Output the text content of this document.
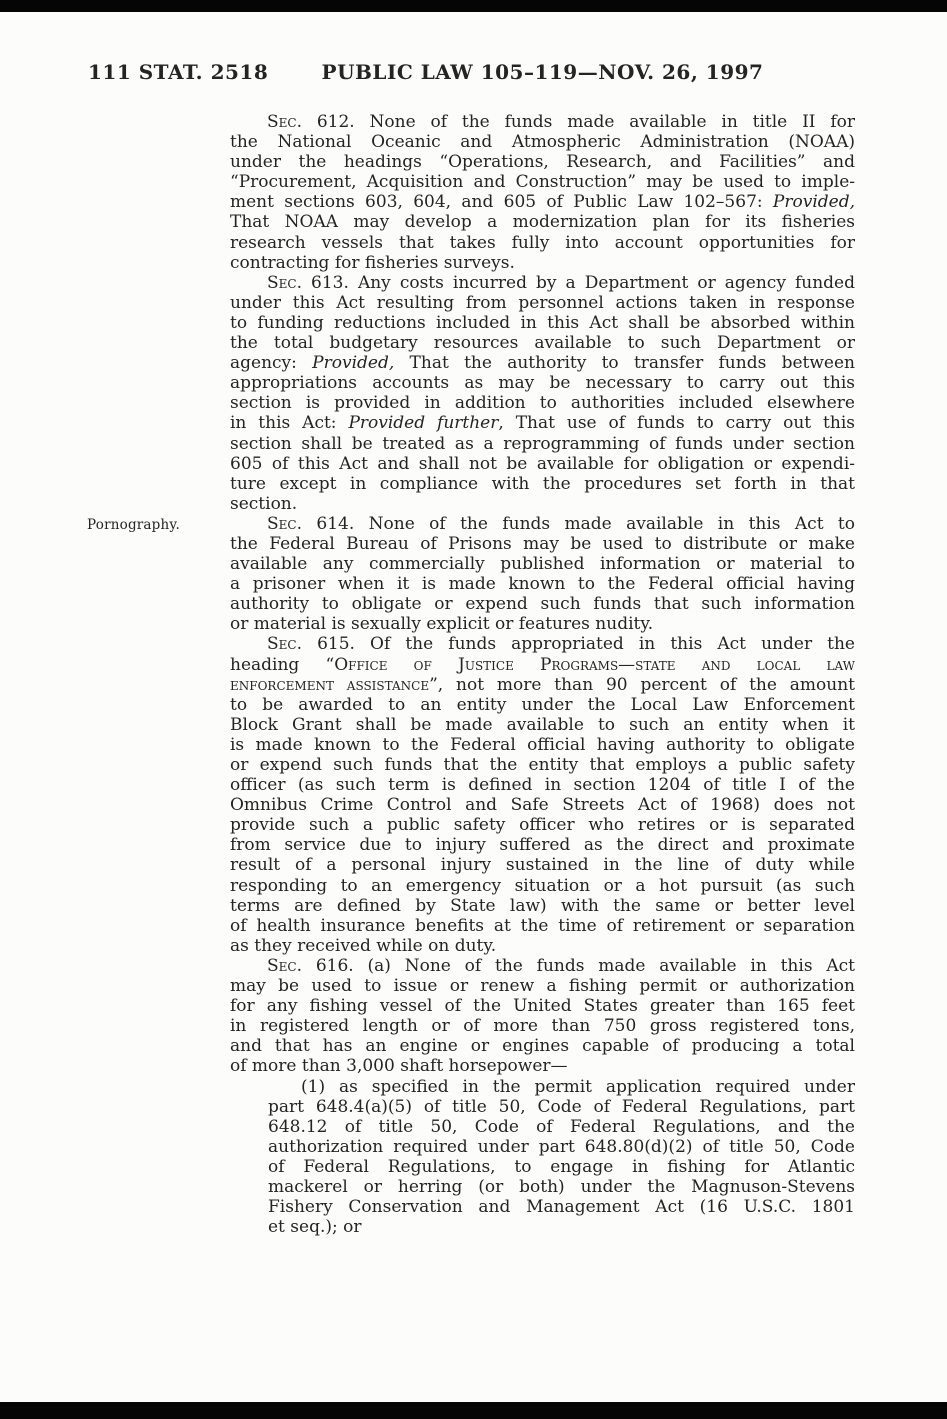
111 STAT. 2518	PUBLIC LAW 105–119—NOV. 26, 1997
Pornography.
Sec. 612. None of the funds made available in title II for
the National Oceanic and Atmospheric Administration (NOAA)
under the headings “Operations, Research, and Facilities” and
“Procurement, Acquisition and Construction” may be used to imple-
ment sections 603, 604, and 605 of Public Law 102–567: Provided,
That NOAA may develop a modernization plan for its fisheries
research vessels that takes fully into account opportunities for
contracting for fisheries surveys.
Sec. 613. Any costs incurred by a Department or agency funded
under this Act resulting from personnel actions taken in response
to funding reductions included in this Act shall be absorbed within
the total budgetary resources available to such Department or
agency: Provided, That the authority to transfer funds between
appropriations accounts as may be necessary to carry out this
section is provided in addition to authorities included elsewhere
in this Act: Provided further, That use of funds to carry out this
section shall be treated as a reprogramming of funds under section
605 of this Act and shall not be available for obligation or expendi-
ture except in compliance with the procedures set forth in that
section.
Sec. 614. None of the funds made available in this Act to
the Federal Bureau of Prisons may be used to distribute or make
available any commercially published information or material to
a prisoner when it is made known to the Federal official having
authority to obligate or expend such funds that such information
or material is sexually explicit or features nudity.
Sec. 615. Of the funds appropriated in this Act under the
heading “Office of Justice Programs—state and local law
enforcement assistance”, not more than 90 percent of the amount
to be awarded to an entity under the Local Law Enforcement
Block Grant shall be made available to such an entity when it
is made known to the Federal official having authority to obligate
or expend such funds that the entity that employs a public safety
officer (as such term is defined in section 1204 of title I of the
Omnibus Crime Control and Safe Streets Act of 1968) does not
provide such a public safety officer who retires or is separated
from service due to injury suffered as the direct and proximate
result of a personal injury sustained in the line of duty while
responding to an emergency situation or a hot pursuit (as such
terms are defined by State law) with the same or better level
of health insurance benefits at the time of retirement or separation
as they received while on duty.
Sec. 616. (a) None of the funds made available in this Act
may be used to issue or renew a fishing permit or authorization
for any fishing vessel of the United States greater than 165 feet
in registered length or of more than 750 gross registered tons,
and that has an engine or engines capable of producing a total
of more than 3,000 shaft horsepower—
(1) as specified in the permit application required under
part 648.4(a)(5) of title 50, Code of Federal Regulations, part
648.12 of title 50, Code of Federal Regulations, and the
authorization required under part 648.80(d)(2) of title 50, Code
of Federal Regulations, to engage in fishing for Atlantic
mackerel or herring (or both) under the Magnuson-Stevens
Fishery Conservation and Management Act (16 U.S.C. 1801
et seq.); or
